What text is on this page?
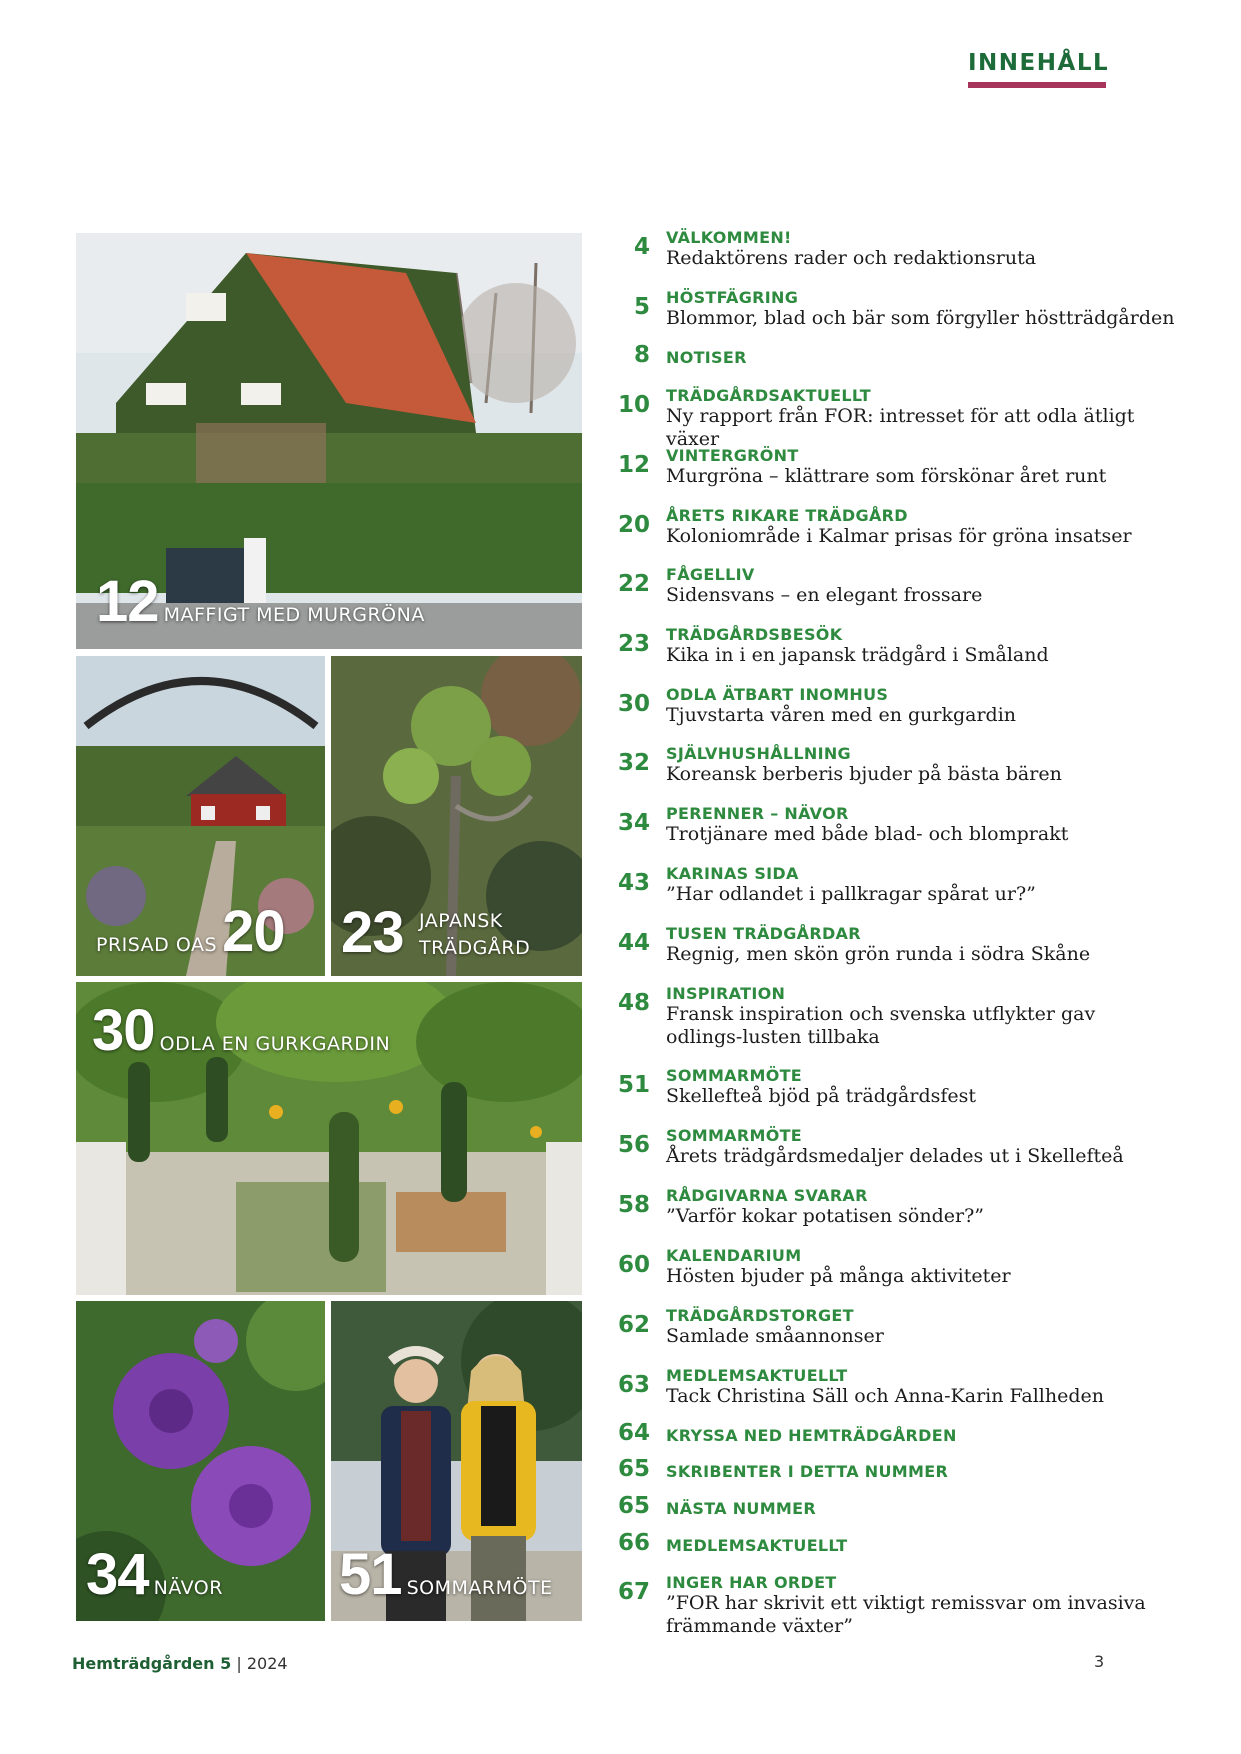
INNEHÅLL
12 MAFFIGT MED MURGRÖNA
PRISAD OAS 20 23 JAPANSK TRÄDGÅRD
30 ODLA EN GURKGARDIN
34 NÄVOR 51 SOMMARMÖTE
4 VÄLKOMMEN!
Redaktörens rader och redaktionsruta
5 HÖSTFÄGRING
Blommor, blad och bär som förgyller höstträdgården
8 NOTISER
10 TRÄDGÅRDSAKTUELLT
Ny rapport från FOR: intresset för att odla ätligt växer
12 VINTERGRÖNT
Murgröna – klättrare som förskönar året runt
20 ÅRETS RIKARE TRÄDGÅRD
Koloniområde i Kalmar prisas för gröna insatser
22 FÅGELLIV
Sidensvans – en elegant frossare
23 TRÄDGÅRDSBESÖK
Kika in i en japansk trädgård i Småland
30 ODLA ÄTBART INOMHUS
Tjuvstarta våren med en gurkgardin
32 SJÄLVHUSHÅLLNING
Koreansk berberis bjuder på bästa bären
34 PERENNER – NÄVOR
Trotjänare med både blad- och blomprakt
43 KARINAS SIDA
”Har odlandet i pallkragar spårat ur?”
44 TUSEN TRÄDGÅRDAR
Regnig, men skön grön runda i södra Skåne
48 INSPIRATION
Fransk inspiration och svenska utflykter gav odlings-lusten tillbaka
51 SOMMARMÖTE
Skellefteå bjöd på trädgårdsfest
56 SOMMARMÖTE
Årets trädgårdsmedaljer delades ut i Skellefteå
58 RÅDGIVARNA SVARAR
”Varför kokar potatisen sönder?”
60 KALENDARIUM
Hösten bjuder på många aktiviteter
62 TRÄDGÅRDSTORGET
Samlade småannonser
63 MEDLEMSAKTUELLT
Tack Christina Säll och Anna-Karin Fallheden
64 KRYSSA NED HEMTRÄDGÅRDEN
65 SKRIBENTER I DETTA NUMMER
65 NÄSTA NUMMER
66 MEDLEMSAKTUELLT
67 INGER HAR ORDET
”FOR har skrivit ett viktigt remissvar om invasiva främmande växter”
Hemträdgården 5 | 2024	3
